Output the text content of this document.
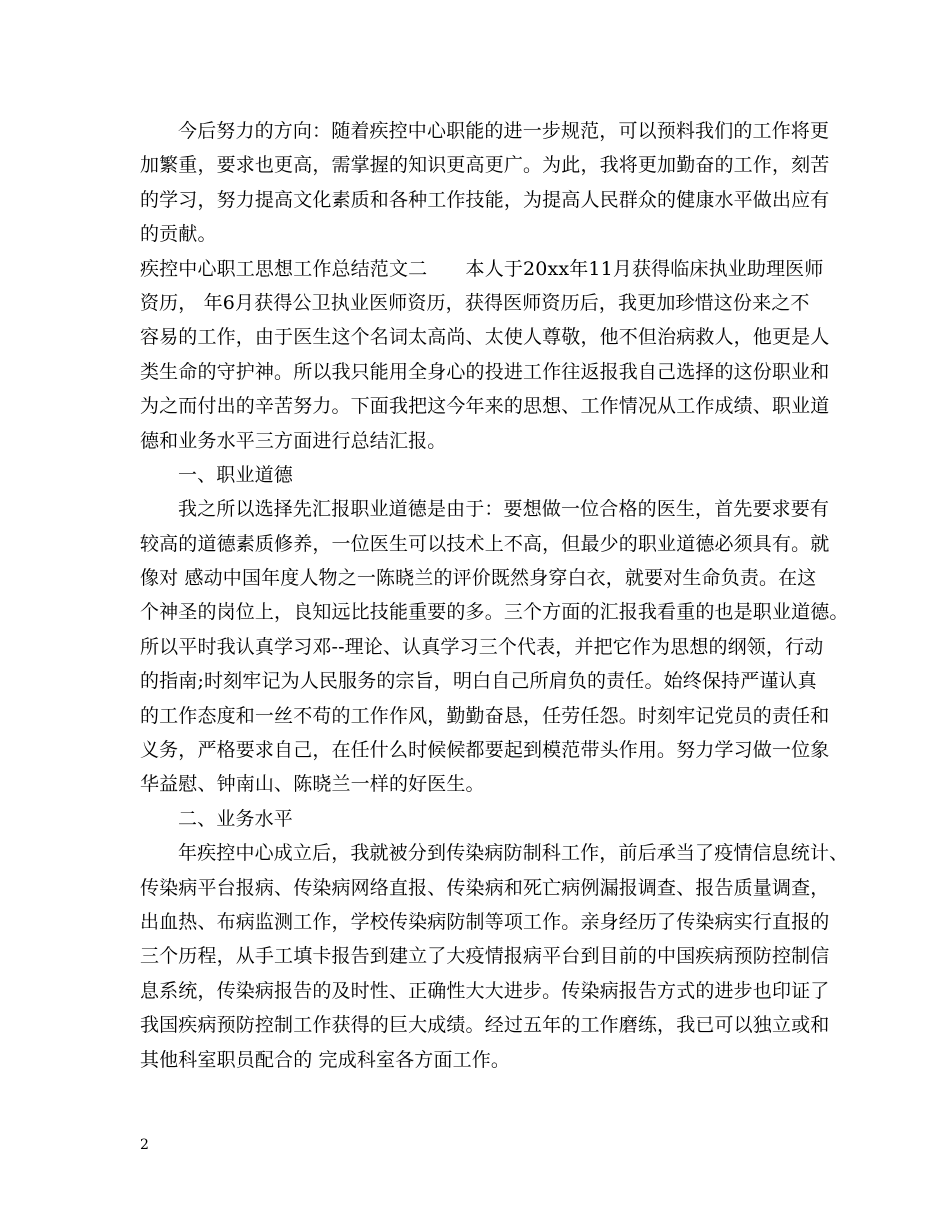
今后努力的方向：随着疾控中心职能的进一步规范，可以预料我们的工作将更
加繁重，要求也更高，需掌握的知识更高更广。为此，我将更加勤奋的工作，刻苦
的学习，努力提高文化素质和各种工作技能，为提高人民群众的健康水平做出应有
的贡献。
疾控中心职工思想工作总结范文二　　本人于20xx年11月获得临床执业助理医师
资历， 年6月获得公卫执业医师资历，获得医师资历后，我更加珍惜这份来之不
容易的工作，由于医生这个名词太高尚、太使人尊敬，他不但治病救人，他更是人
类生命的守护神。所以我只能用全身心的投进工作往返报我自己选择的这份职业和
为之而付出的辛苦努力。下面我把这今年来的思想、工作情况从工作成绩、职业道
德和业务水平三方面进行总结汇报。
一、职业道德
我之所以选择先汇报职业道德是由于：要想做一位合格的医生，首先要求要有
较高的道德素质修养，一位医生可以技术上不高，但最少的职业道德必须具有。就
像对 感动中国年度人物之一陈晓兰的评价既然身穿白衣，就要对生命负责。在这
个神圣的岗位上，良知远比技能重要的多。三个方面的汇报我看重的也是职业道德。
所以平时我认真学习邓--理论、认真学习三个代表，并把它作为思想的纲领，行动
的指南;时刻牢记为人民服务的宗旨，明白自己所肩负的责任。始终保持严谨认真
的工作态度和一丝不苟的工作作风，勤勤奋恳，任劳任怨。时刻牢记党员的责任和
义务，严格要求自己，在任什么时候候都要起到模范带头作用。努力学习做一位象
华益慰、钟南山、陈晓兰一样的好医生。
二、业务水平
年疾控中心成立后，我就被分到传染病防制科工作，前后承当了疫情信息统计、
传染病平台报病、传染病网络直报、传染病和死亡病例漏报调查、报告质量调查，
出血热、布病监测工作，学校传染病防制等项工作。亲身经历了传染病实行直报的
三个历程，从手工填卡报告到建立了大疫情报病平台到目前的中国疾病预防控制信
息系统，传染病报告的及时性、正确性大大进步。传染病报告方式的进步也印证了
我国疾病预防控制工作获得的巨大成绩。经过五年的工作磨练，我已可以独立或和
其他科室职员配合的 完成科室各方面工作。
2
